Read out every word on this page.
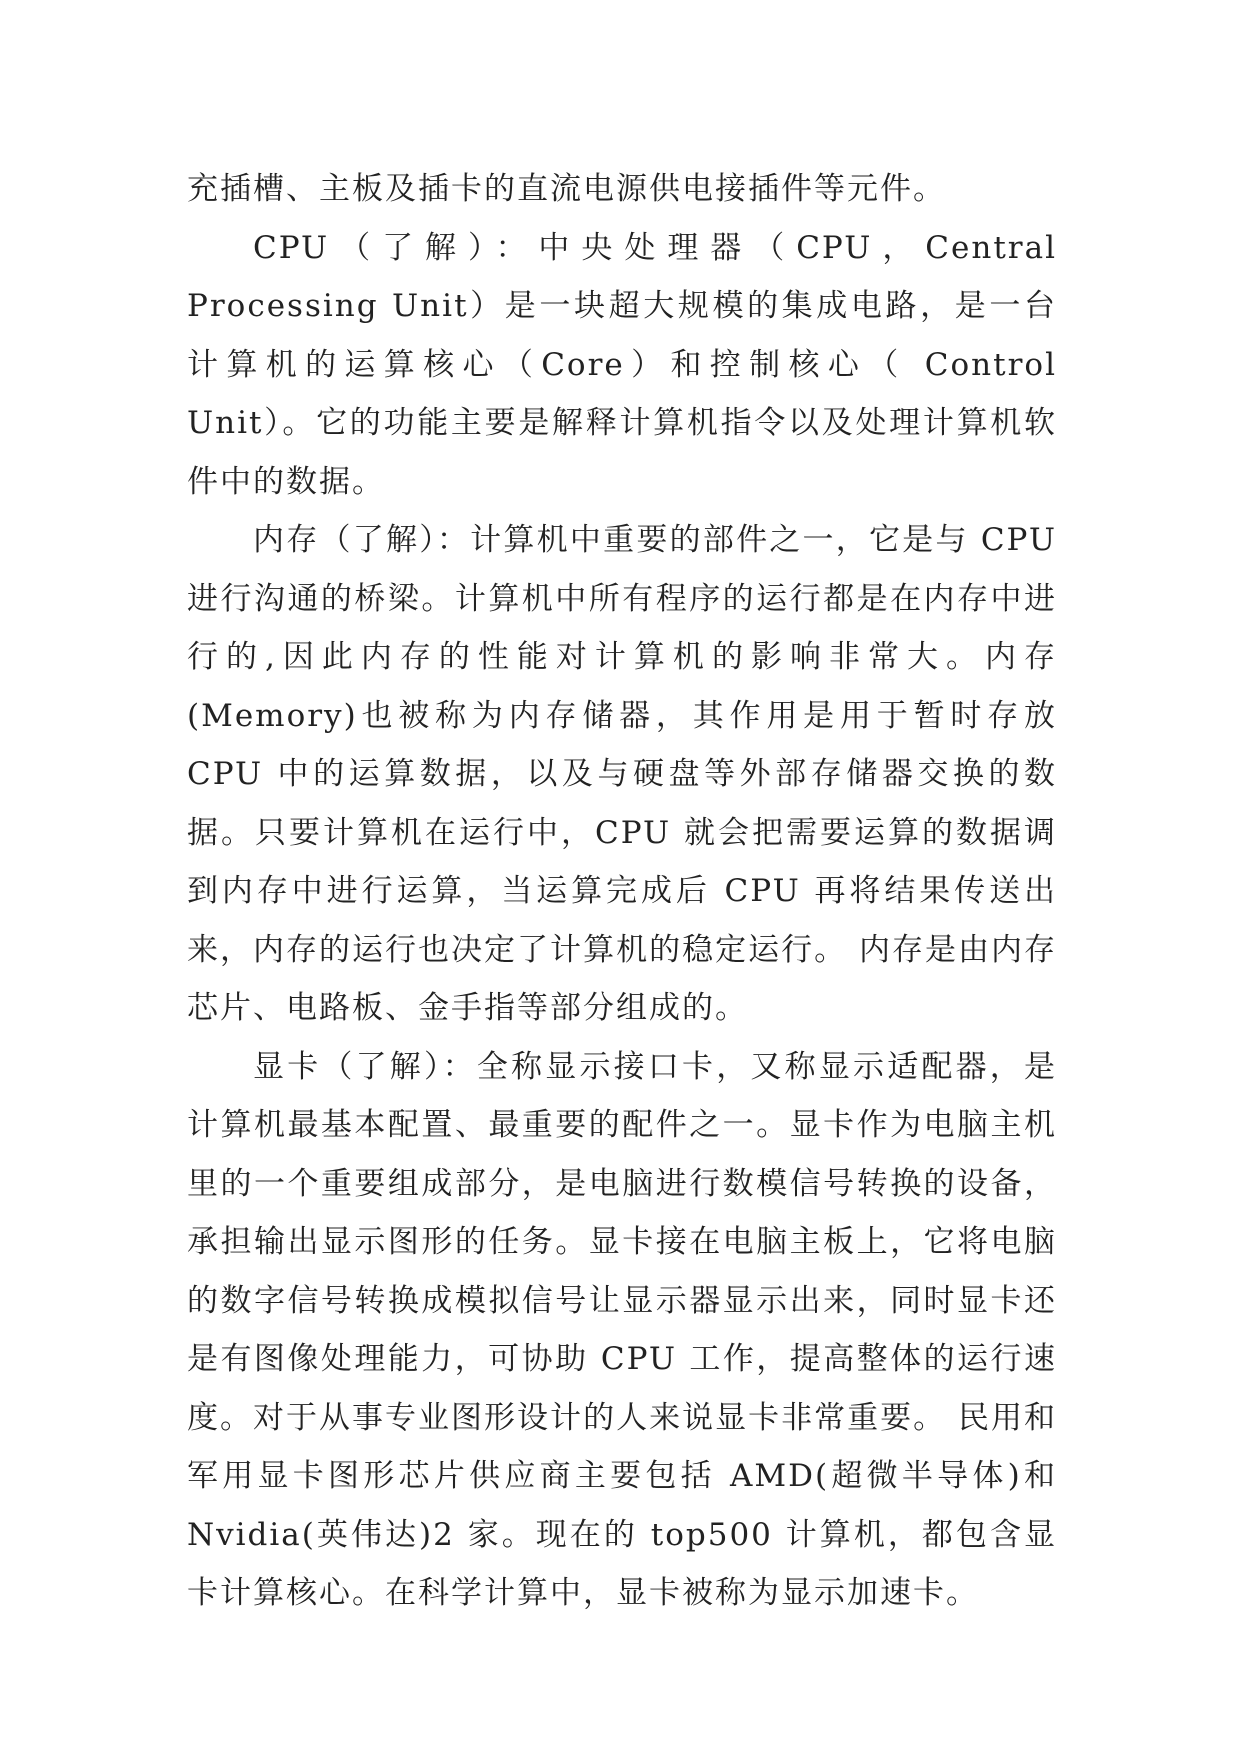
充插槽、主板及插卡的直流电源供电接插件等元件。

CPU（了解）：中央处理器（CPU，Central Processing Unit）是一块超大规模的集成电路，是一台计算机的运算核心（Core）和控制核心（ Control Unit）。它的功能主要是解释计算机指令以及处理计算机软件中的数据。

内存（了解）：计算机中重要的部件之一，它是与 CPU 进行沟通的桥梁。计算机中所有程序的运行都是在内存中进行的,因此内存的性能对计算机的影响非常大。内存(Memory)也被称为内存储器，其作用是用于暂时存放 CPU 中的运算数据，以及与硬盘等外部存储器交换的数据。只要计算机在运行中，CPU 就会把需要运算的数据调到内存中进行运算，当运算完成后 CPU 再将结果传送出来，内存的运行也决定了计算机的稳定运行。 内存是由内存芯片、电路板、金手指等部分组成的。

显卡（了解）：全称显示接口卡，又称显示适配器，是计算机最基本配置、最重要的配件之一。显卡作为电脑主机里的一个重要组成部分，是电脑进行数模信号转换的设备，承担输出显示图形的任务。显卡接在电脑主板上，它将电脑的数字信号转换成模拟信号让显示器显示出来，同时显卡还是有图像处理能力，可协助 CPU 工作，提高整体的运行速度。对于从事专业图形设计的人来说显卡非常重要。 民用和军用显卡图形芯片供应商主要包括 AMD(超微半导体)和Nvidia(英伟达)2 家。现在的 top500 计算机，都包含显卡计算核心。在科学计算中，显卡被称为显示加速卡。
